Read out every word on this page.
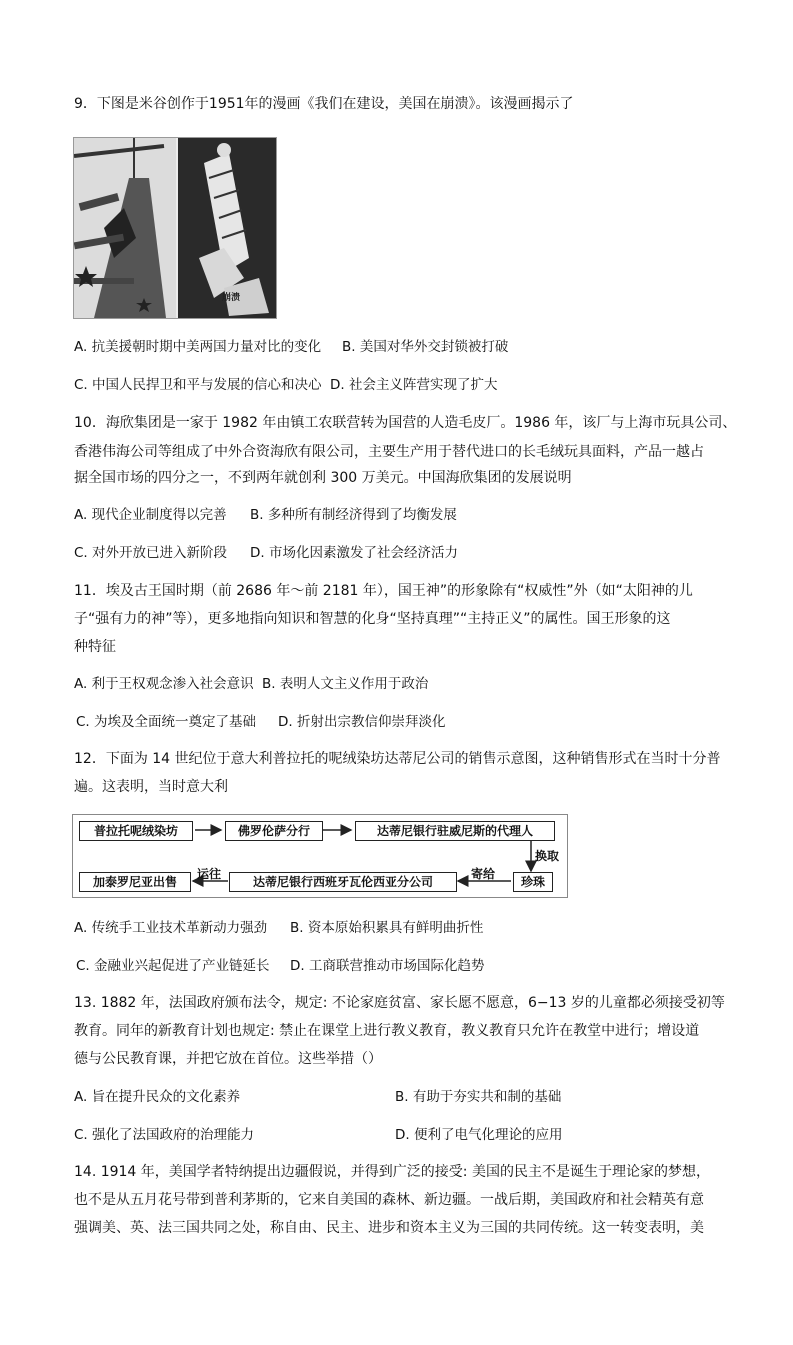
9．下图是米谷创作于1951年的漫画《我们在建设，美国在崩溃》。该漫画揭示了
崩溃
A. 抗美援朝时期中美两国力量对比的变化 B. 美国对华外交封锁被打破
C. 中国人民捍卫和平与发展的信心和决心 D. 社会主义阵营实现了扩大
10．海欣集团是一家于 1982 年由镇工农联营转为国营的人造毛皮厂。1986 年，该厂与上海市玩具公司、
香港伟海公司等组成了中外合资海欣有限公司，主要生产用于替代进口的长毛绒玩具面料，产品一越占
据全国市场的四分之一，不到两年就创利 300 万美元。中国海欣集团的发展说明
A. 现代企业制度得以完善 B. 多种所有制经济得到了均衡发展
C. 对外开放已进入新阶段 D. 市场化因素激发了社会经济活力
11．埃及古王国时期（前 2686 年～前 2181 年），国王神”的形象除有“权威性”外（如“太阳神的儿
子“强有力的神”等），更多地指向知识和智慧的化身“坚持真理”“主持正义”的属性。国王形象的这
种特征
A. 利于王权观念渗入社会意识 B. 表明人文主义作用于政治
C. 为埃及全面统一奠定了基础 D. 折射出宗教信仰崇拜淡化
12．下面为 14 世纪位于意大利普拉托的呢绒染坊达蒂尼公司的销售示意图，这种销售形式在当时十分普
遍。这表明，当时意大利
普拉托呢绒染坊	佛罗伦萨分行	达蒂尼银行驻威尼斯的代理人
换取
珍珠
寄给
达蒂尼银行西班牙瓦伦西亚分公司
运往
加泰罗尼亚出售
A. 传统手工业技术革新动力强劲 B. 资本原始积累具有鲜明曲折性
C. 金融业兴起促进了产业链延长 D. 工商联营推动市场国际化趋势
13. 1882 年，法国政府颁布法令，规定: 不论家庭贫富、家长愿不愿意，6−13 岁的儿童都必须接受初等
教育。同年的新教育计划也规定: 禁止在课堂上进行教义教育，教义教育只允许在教堂中进行；增设道
德与公民教育课，并把它放在首位。这些举措（）
A. 旨在提升民众的文化素养	B. 有助于夯实共和制的基础
C. 强化了法国政府的治理能力	D. 便利了电气化理论的应用
14. 1914 年，美国学者特纳提出边疆假说，并得到广泛的接受: 美国的民主不是诞生于理论家的梦想，
也不是从五月花号带到普利茅斯的，它来自美国的森林、新边疆。一战后期，美国政府和社会精英有意
强调美、英、法三国共同之处，称自由、民主、进步和资本主义为三国的共同传统。这一转变表明，美
